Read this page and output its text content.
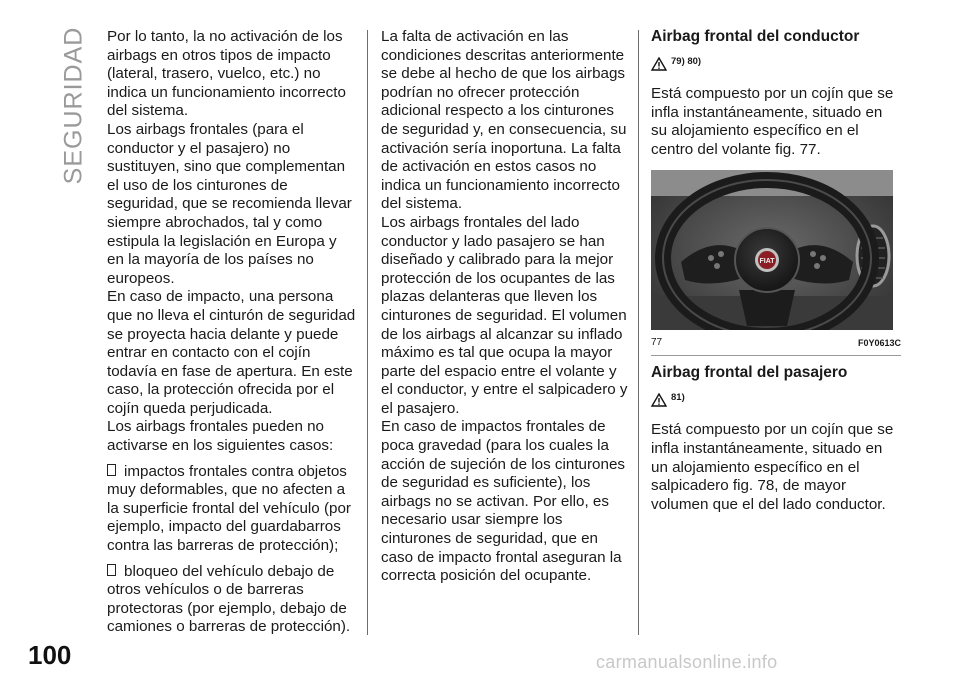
SEGURIDAD Por lo tanto, la no activación de los airbags en otros tipos de impacto (lateral, trasero, vuelco, etc.) no indica un funcionamiento incorrecto del sistema.

Los airbags frontales (para el conductor y el pasajero) no sustituyen, sino que complementan el uso de los cinturones de seguridad, que se recomienda llevar siempre abrochados, tal y como estipula la legislación en Europa y en la mayoría de los países no europeos.

En caso de impacto, una persona que no lleva el cinturón de seguridad se proyecta hacia delante y puede entrar en contacto con el cojín todavía en fase de apertura. En este caso, la protección ofrecida por el cojín queda perjudicada.

Los airbags frontales pueden no activarse en los siguientes casos:

impactos frontales contra objetos muy deformables, que no afecten a la superficie frontal del vehículo (por ejemplo, impacto del guardabarros contra las barreras de protección);

bloqueo del vehículo debajo de otros vehículos o de barreras protectoras (por ejemplo, debajo de camiones o barreras de protección).

La falta de activación en las condiciones descritas anteriormente se debe al hecho de que los airbags podrían no ofrecer protección adicional respecto a los cinturones de seguridad y, en consecuencia, su activación sería inoportuna. La falta de activación en estos casos no indica un funcionamiento incorrecto del sistema.

Los airbags frontales del lado conductor y lado pasajero se han diseñado y calibrado para la mejor protección de los ocupantes de las plazas delanteras que lleven los cinturones de seguridad. El volumen de los airbags al alcanzar su inflado máximo es tal que ocupa la mayor parte del espacio entre el volante y el conductor, y entre el salpicadero y el pasajero.

En caso de impactos frontales de poca gravedad (para los cuales la acción de sujeción de los cinturones de seguridad es suficiente), los airbags no se activan. Por ello, es necesario usar siempre los cinturones de seguridad, que en caso de impacto frontal aseguran la correcta posición del ocupante.

Airbag frontal del conductor

79) 80)

Está compuesto por un cojín que se infla instantáneamente, situado en su alojamiento específico en el centro del volante fig. 77.

FIAT
77	F0Y0613C

Airbag frontal del pasajero

81)

Está compuesto por un cojín que se infla instantáneamente, situado en un alojamiento específico en el salpicadero fig. 78, de mayor volumen que el del lado conductor.

100	carmanualsonline.info
